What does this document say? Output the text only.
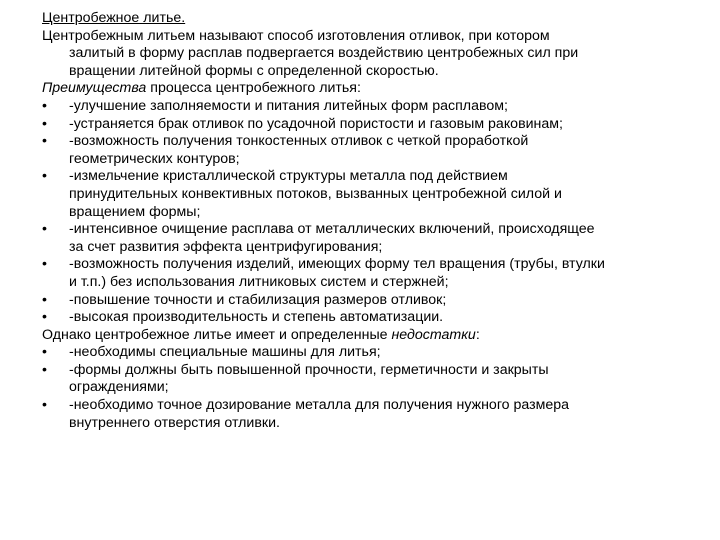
Центробежное литье.
Центробежным литьем называют способ изготовления отливок, при котором
залитый в форму расплав подвергается воздействию центробежных сил при
вращении литейной формы с определенной скоростью.
Преимущества процесса центробежного литья:
•	-улучшение заполняемости и питания литейных форм расплавом;
•	-устраняется брак отливок по усадочной пористости и газовым раковинам;
•	-возможность получения тонкостенных отливок с четкой проработкой
геометрических контуров;
•	-измельчение кристаллической структуры металла под действием
принудительных конвективных потоков, вызванных центробежной силой и
вращением формы;
•	-интенсивное очищение расплава от металлических включений, происходящее
за счет развития эффекта центрифугирования;
•	-возможность получения изделий, имеющих форму тел вращения (трубы, втулки
и т.п.) без использования литниковых систем и стержней;
•	-повышение точности и стабилизация размеров отливок;
•	-высокая производительность и степень автоматизации.
Однако центробежное литье имеет и определенные недостатки:
•	-необходимы специальные машины для литья;
•	-формы должны быть повышенной прочности, герметичности и закрыты
ограждениями;
•	-необходимо точное дозирование металла для получения нужного размера
внутреннего отверстия отливки.
